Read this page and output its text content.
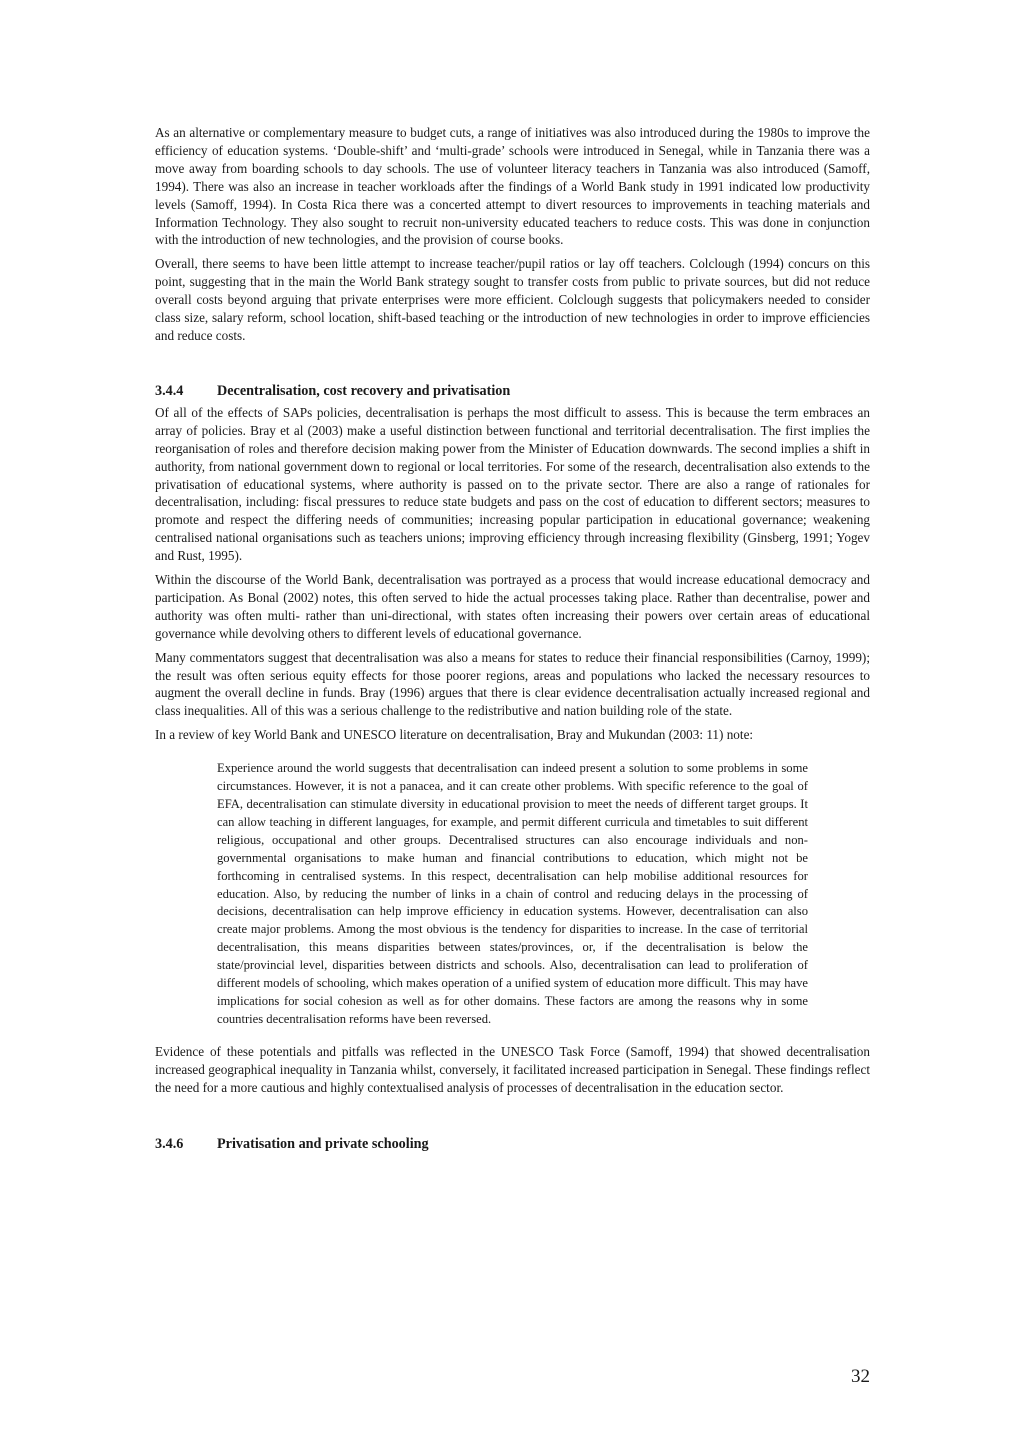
As an alternative or complementary measure to budget cuts, a range of initiatives was also introduced during the 1980s to improve the efficiency of education systems. ‘Double-shift’ and ‘multi-grade’ schools were introduced in Senegal, while in Tanzania there was a move away from boarding schools to day schools. The use of volunteer literacy teachers in Tanzania was also introduced (Samoff, 1994). There was also an increase in teacher workloads after the findings of a World Bank study in 1991 indicated low productivity levels (Samoff, 1994). In Costa Rica there was a concerted attempt to divert resources to improvements in teaching materials and Information Technology. They also sought to recruit non-university educated teachers to reduce costs. This was done in conjunction with the introduction of new technologies, and the provision of course books.

Overall, there seems to have been little attempt to increase teacher/pupil ratios or lay off teachers. Colclough (1994) concurs on this point, suggesting that in the main the World Bank strategy sought to transfer costs from public to private sources, but did not reduce overall costs beyond arguing that private enterprises were more efficient. Colclough suggests that policymakers needed to consider class size, salary reform, school location, shift-based teaching or the introduction of new technologies in order to improve efficiencies and reduce costs.

3.4.4 Decentralisation, cost recovery and privatisation

Of all of the effects of SAPs policies, decentralisation is perhaps the most difficult to assess. This is because the term embraces an array of policies. Bray et al (2003) make a useful distinction between functional and territorial decentralisation. The first implies the reorganisation of roles and therefore decision making power from the Minister of Education downwards. The second implies a shift in authority, from national government down to regional or local territories. For some of the research, decentralisation also extends to the privatisation of educational systems, where authority is passed on to the private sector. There are also a range of rationales for decentralisation, including: fiscal pressures to reduce state budgets and pass on the cost of education to different sectors; measures to promote and respect the differing needs of communities; increasing popular participation in educational governance; weakening centralised national organisations such as teachers unions; improving efficiency through increasing flexibility (Ginsberg, 1991; Yogev and Rust, 1995).

Within the discourse of the World Bank, decentralisation was portrayed as a process that would increase educational democracy and participation. As Bonal (2002) notes, this often served to hide the actual processes taking place. Rather than decentralise, power and authority was often multi- rather than uni-directional, with states often increasing their powers over certain areas of educational governance while devolving others to different levels of educational governance.

Many commentators suggest that decentralisation was also a means for states to reduce their financial responsibilities (Carnoy, 1999); the result was often serious equity effects for those poorer regions, areas and populations who lacked the necessary resources to augment the overall decline in funds. Bray (1996) argues that there is clear evidence decentralisation actually increased regional and class inequalities. All of this was a serious challenge to the redistributive and nation building role of the state.

In a review of key World Bank and UNESCO literature on decentralisation, Bray and Mukundan (2003: 11) note:

Experience around the world suggests that decentralisation can indeed present a solution to some problems in some circumstances. However, it is not a panacea, and it can create other problems. With specific reference to the goal of EFA, decentralisation can stimulate diversity in educational provision to meet the needs of different target groups. It can allow teaching in different languages, for example, and permit different curricula and timetables to suit different religious, occupational and other groups. Decentralised structures can also encourage individuals and non-governmental organisations to make human and financial contributions to education, which might not be forthcoming in centralised systems. In this respect, decentralisation can help mobilise additional resources for education. Also, by reducing the number of links in a chain of control and reducing delays in the processing of decisions, decentralisation can help improve efficiency in education systems. However, decentralisation can also create major problems. Among the most obvious is the tendency for disparities to increase. In the case of territorial decentralisation, this means disparities between states/provinces, or, if the decentralisation is below the state/provincial level, disparities between districts and schools. Also, decentralisation can lead to proliferation of different models of schooling, which makes operation of a unified system of education more difficult. This may have implications for social cohesion as well as for other domains. These factors are among the reasons why in some countries decentralisation reforms have been reversed.

Evidence of these potentials and pitfalls was reflected in the UNESCO Task Force (Samoff, 1994) that showed decentralisation increased geographical inequality in Tanzania whilst, conversely, it facilitated increased participation in Senegal. These findings reflect the need for a more cautious and highly contextualised analysis of processes of decentralisation in the education sector.

3.4.6 Privatisation and private schooling
32
